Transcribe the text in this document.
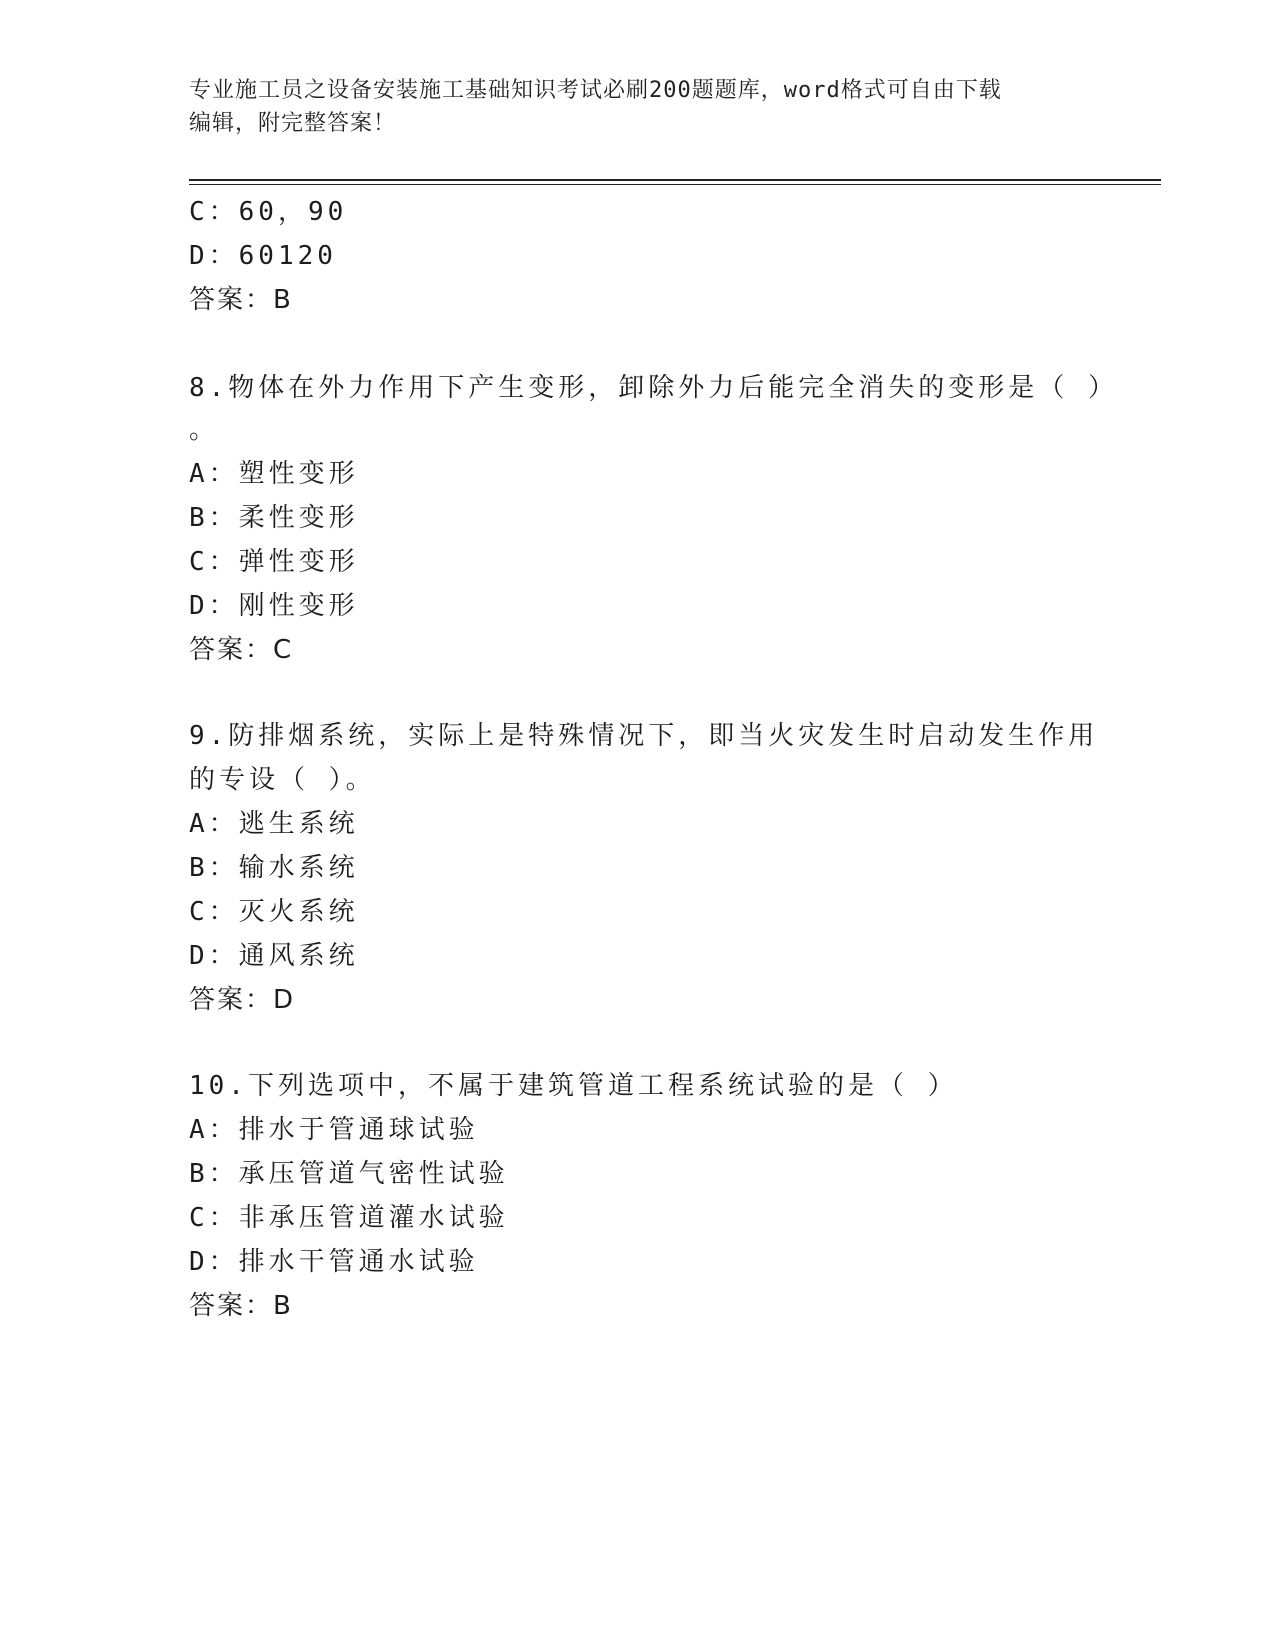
专业施工员之设备安装施工基础知识考试必刷200题题库，word格式可自由下载
编辑，附完整答案！
C：60，90
D：60120
答案：B
8.物体在外力作用下产生变形，卸除外力后能完全消失的变形是（ ）
。
A：塑性变形
B：柔性变形
C：弹性变形
D：刚性变形
答案：C
9.防排烟系统，实际上是特殊情况下，即当火灾发生时启动发生作用
的专设（ ）。
A：逃生系统
B：输水系统
C：灭火系统
D：通风系统
答案：D
10.下列选项中，不属于建筑管道工程系统试验的是（ ）
A：排水于管通球试验
B：承压管道气密性试验
C：非承压管道灌水试验
D：排水干管通水试验
答案：B
